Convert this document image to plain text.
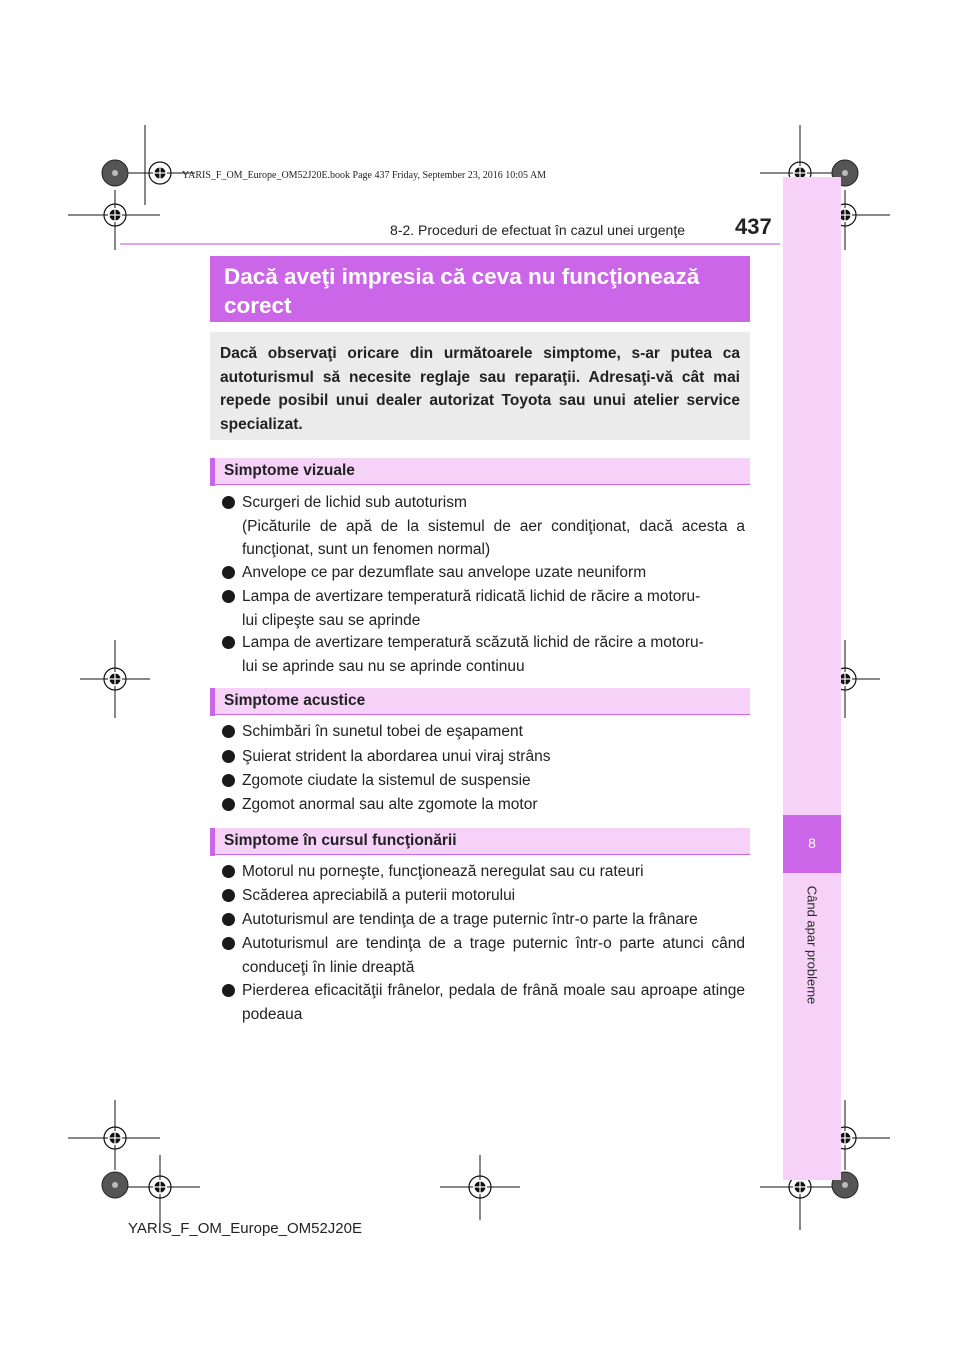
8
Când apar probleme
YARIS_F_OM_Europe_OM52J20E.book Page 437 Friday, September 23, 2016 10:05 AM
8-2. Proceduri de efectuat în cazul unei urgenţe 437
Dacă aveţi impresia că ceva nu funcţionează corect
Dacă observaţi oricare din următoarele simptome, s-ar putea ca autoturismul să necesite reglaje sau reparaţii. Adresaţi-vă cât mai repede posibil unui dealer autorizat Toyota sau unui atelier service specializat.
Simptome vizuale
Scurgeri de lichid sub autoturism
(Picăturile de apă de la sistemul de aer condiţionat, dacă acesta a funcţionat, sunt un fenomen normal)
Anvelope ce par dezumflate sau anvelope uzate neuniform
Lampa de avertizare temperatură ridicată lichid de răcire a motoru-
lui clipeşte sau se aprinde
Lampa de avertizare temperatură scăzută lichid de răcire a motoru-
lui se aprinde sau nu se aprinde continuu
Simptome acustice
Schimbări în sunetul tobei de eşapament
Şuierat strident la abordarea unui viraj strâns
Zgomote ciudate la sistemul de suspensie
Zgomot anormal sau alte zgomote la motor
Simptome în cursul funcţionării
Motorul nu porneşte, funcţionează neregulat sau cu rateuri
Scăderea apreciabilă a puterii motorului
Autoturismul are tendinţa de a trage puternic într-o parte la frânare
Autoturismul are tendinţa de a trage puternic într-o parte atunci când conduceţi în linie dreaptă
Pierderea eficacităţii frânelor, pedala de frână moale sau aproape atinge podeaua
YARIS_F_OM_Europe_OM52J20E
